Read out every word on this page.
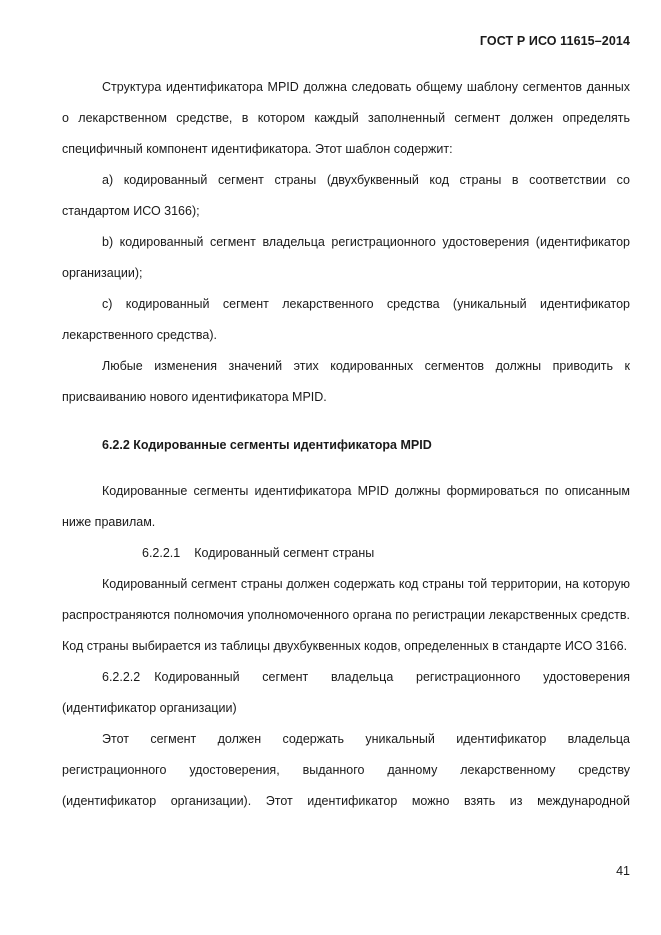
ГОСТ Р ИСО 11615–2014

Структура идентификатора MPID должна следовать общему шаблону сегментов данных о лекарственном средстве, в котором каждый заполненный сегмент должен определять специфичный компонент идентификатора. Этот шаблон содержит:

a) кодированный сегмент страны (двухбуквенный код страны в соответствии со стандартом ИСО 3166);

b) кодированный сегмент владельца регистрационного удостоверения (идентификатор организации);

c) кодированный сегмент лекарственного средства (уникальный идентификатор лекарственного средства).

Любые изменения значений этих кодированных сегментов должны приводить к присваиванию нового идентификатора MPID.

6.2.2 Кодированные сегменты идентификатора MPID

Кодированные сегменты идентификатора MPID должны формироваться по описанным ниже правилам.

6.2.2.1 Кодированный сегмент страны

Кодированный сегмент страны должен содержать код страны той территории, на которую распространяются полномочия уполномоченного органа по регистрации лекарственных средств. Код страны выбирается из таблицы двухбуквенных кодов, определенных в стандарте ИСО 3166.

6.2.2.2 Кодированный сегмент владельца регистрационного удостоверения (идентификатор организации)

Этот сегмент должен содержать уникальный идентификатор владельца регистрационного удостоверения, выданного данному лекарственному средству (идентификатор организации). Этот идентификатор можно взять из международной

41
